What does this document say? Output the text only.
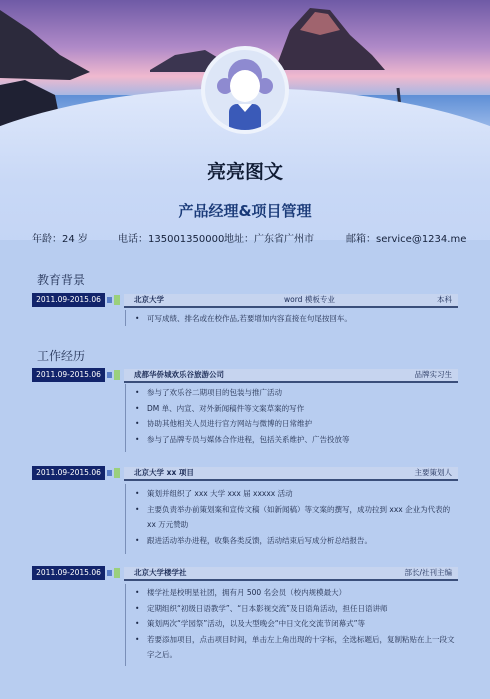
亮亮图文
产品经理&项目管理
年龄：24 岁	电话：135001350000 地址：广东省广州市	邮箱：service@1234.me
教育背景
2011.09-2015.06	北京大学	word 模板专业	本科
• 可写成绩、排名或在校作品,若要增加内容直接在句尾按回车。
工作经历
2011.09-2015.06	成都华侨城欢乐谷旅游公司	品牌实习生
• 参与了欢乐谷二期项目的包装与推广活动
• DM 单、内宣、对外新闻稿件等文案草案的写作
• 协助其他相关人员进行官方网站与微博的日常维护
• 参与了品牌专员与媒体合作进程，包括关系维护、广告投放等
2011.09-2015.06	北京大学 xx 项目	主要策划人
• 策划并组织了 xxx 大学 xxx 届 xxxxx 活动
• 主要负责举办前策划案和宣传文稿（如新闻稿）等文案的撰写，成功拉到 xxx 企业为代表的 xx 万元赞助
• 跟进活动举办进程，收集各类反馈，活动结束后写成分析总结报告。
2011.09-2015.06	北京大学楼学社	部长/社刊主编
• 楼学社是校明星社团，拥有月 500 名会员（校内规模最大）
• 定期组织“初级日语教学”、“日本影视交流”及日语角活动，担任日语讲师
• 策划两次“学园祭”活动，以及大型晚会“中日文化交流节闭幕式”等
• 若要添加项目，点击项目时间，单击左上角出现的十字标，全选标题后，复制粘贴在上一段文字之后。
